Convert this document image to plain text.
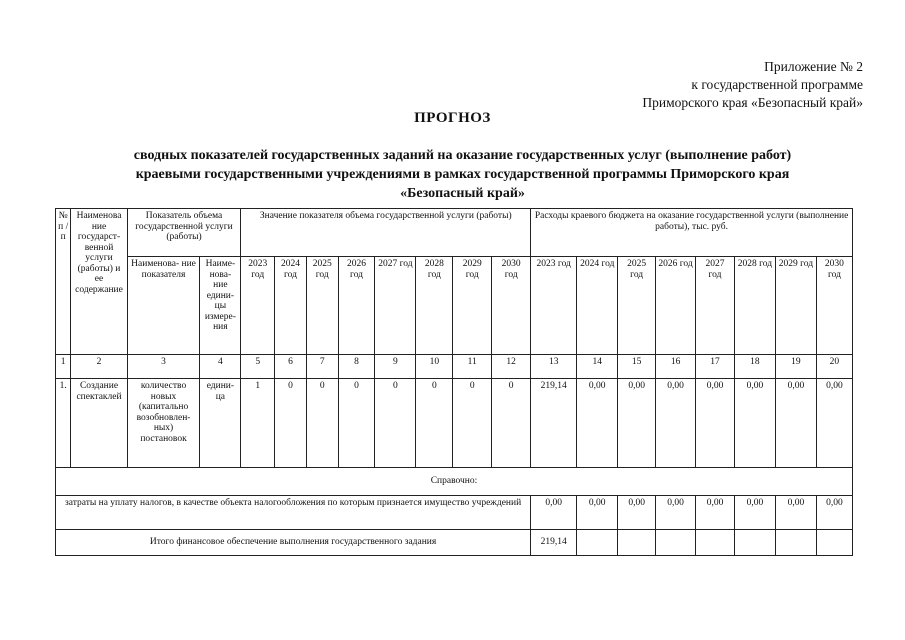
Приложение № 2
к государственной программе
Приморского края «Безопасный край»
ПРОГНОЗ
сводных показателей государственных заданий на оказание государственных услуг (выполнение работ)
краевыми государственными учреждениями в рамках государственной программы Приморского края
«Безопасный край»
№ п / п	Наименова ние государст- венной услуги (работы) и ее содержание	Показатель объема государственной услуги (работы)		Значение показателя объема государственной услуги (работы)								Расходы краевого бюджета на оказание государственной услуги (выполнение работы), тыс. руб.							
		Наименова- ние показателя	Наиме- нова- ние едини- цы измере- ния	2023 год	2024 год	2025 год	2026 год	2027 год	2028 год	2029 год	2030 год	2023 год	2024 год	2025 год	2026 год	2027 год	2028 год	2029 год	2030 год
1	2	3	4	5	6	7	8	9	10	11	12	13	14	15	16	17	18	19	20
1.	Создание спектаклей	количество новых (капитально возобновлен- ных) постановок	едини- ца	1	0	0	0	0	0	0	0	219,14	0,00	0,00	0,00	0,00	0,00	0,00	0,00
Справочно:																			
затраты на уплату налогов, в качестве объекта налогообложения по которым признается имущество учреждений												0,00	0,00	0,00	0,00	0,00	0,00	0,00	0,00
Итого финансовое обеспечение выполнения государственного задания												219,14							
